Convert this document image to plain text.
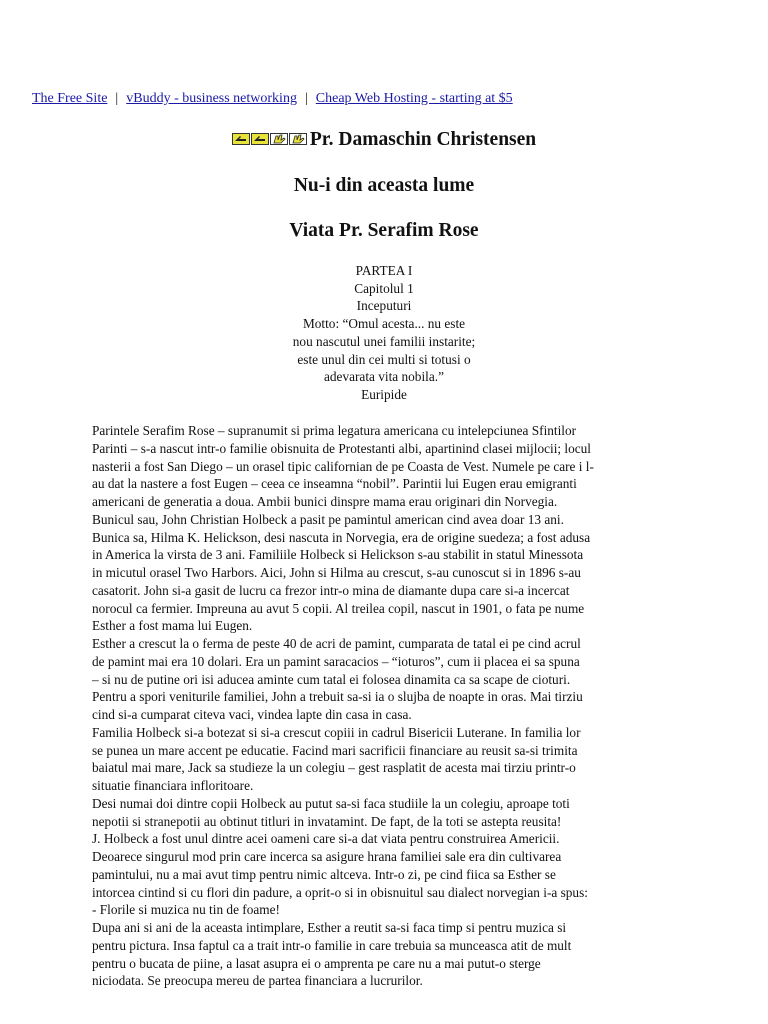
The Free Site | vBuddy - business networking | Cheap Web Hosting - starting at $5
Pr. Damaschin Christensen
Nu-i din aceasta lume
Viata Pr. Serafim Rose
PARTEA I
Capitolul 1
Inceputuri
Motto: “Omul acesta... nu este
nou nascutul unei familii instarite;
este unul din cei multi si totusi o
adevarata vita nobila.”
Euripide
Parintele Serafim Rose – supranumit si prima legatura americana cu intelepciunea Sfintilor
Parinti – s-a nascut intr-o familie obisnuita de Protestanti albi, apartinind clasei mijlocii; locul
nasterii a fost San Diego – un orasel tipic californian de pe Coasta de Vest. Numele pe care i l-
au dat la nastere a fost Eugen – ceea ce inseamna “nobil”. Parintii lui Eugen erau emigranti
americani de generatia a doua. Ambii bunici dinspre mama erau originari din Norvegia.
Bunicul sau, John Christian Holbeck a pasit pe pamintul american cind avea doar 13 ani.
Bunica sa, Hilma K. Helickson, desi nascuta in Norvegia, era de origine suedeza; a fost adusa
in America la virsta de 3 ani. Familiile Holbeck si Helickson s-au stabilit in statul Minessota
in micutul orasel Two Harbors. Aici, John si Hilma au crescut, s-au cunoscut si in 1896 s-au
casatorit. John si-a gasit de lucru ca frezor intr-o mina de diamante dupa care si-a incercat
norocul ca fermier. Impreuna au avut 5 copii. Al treilea copil, nascut in 1901, o fata pe nume
Esther a fost mama lui Eugen.
Esther a crescut la o ferma de peste 40 de acri de pamint, cumparata de tatal ei pe cind acrul
de pamint mai era 10 dolari. Era un pamint saracacios – “ioturos”, cum ii placea ei sa spuna
– si nu de putine ori isi aducea aminte cum tatal ei folosea dinamita ca sa scape de cioturi.
Pentru a spori veniturile familiei, John a trebuit sa-si ia o slujba de noapte in oras. Mai tirziu
cind si-a cumparat citeva vaci, vindea lapte din casa in casa.
Familia Holbeck si-a botezat si si-a crescut copiii in cadrul Bisericii Luterane. In familia lor
se punea un mare accent pe educatie. Facind mari sacrificii financiare au reusit sa-si trimita
baiatul mai mare, Jack sa studieze la un colegiu – gest rasplatit de acesta mai tirziu printr-o
situatie financiara infloritoare.
Desi numai doi dintre copii Holbeck au putut sa-si faca studiile la un colegiu, aproape toti
nepotii si stranepotii au obtinut titluri in invatamint. De fapt, de la toti se astepta reusita!
J. Holbeck a fost unul dintre acei oameni care si-a dat viata pentru construirea Americii.
Deoarece singurul mod prin care incerca sa asigure hrana familiei sale era din cultivarea
pamintului, nu a mai avut timp pentru nimic altceva. Intr-o zi, pe cind fiica sa Esther se
intorcea cintind si cu flori din padure, a oprit-o si in obisnuitul sau dialect norvegian i-a spus:
- Florile si muzica nu tin de foame!
Dupa ani si ani de la aceasta intimplare, Esther a reutit sa-si faca timp si pentru muzica si
pentru pictura. Insa faptul ca a trait intr-o familie in care trebuia sa munceasca atit de mult
pentru o bucata de piine, a lasat asupra ei o amprenta pe care nu a mai putut-o sterge
niciodata. Se preocupa mereu de partea financiara a lucrurilor.
